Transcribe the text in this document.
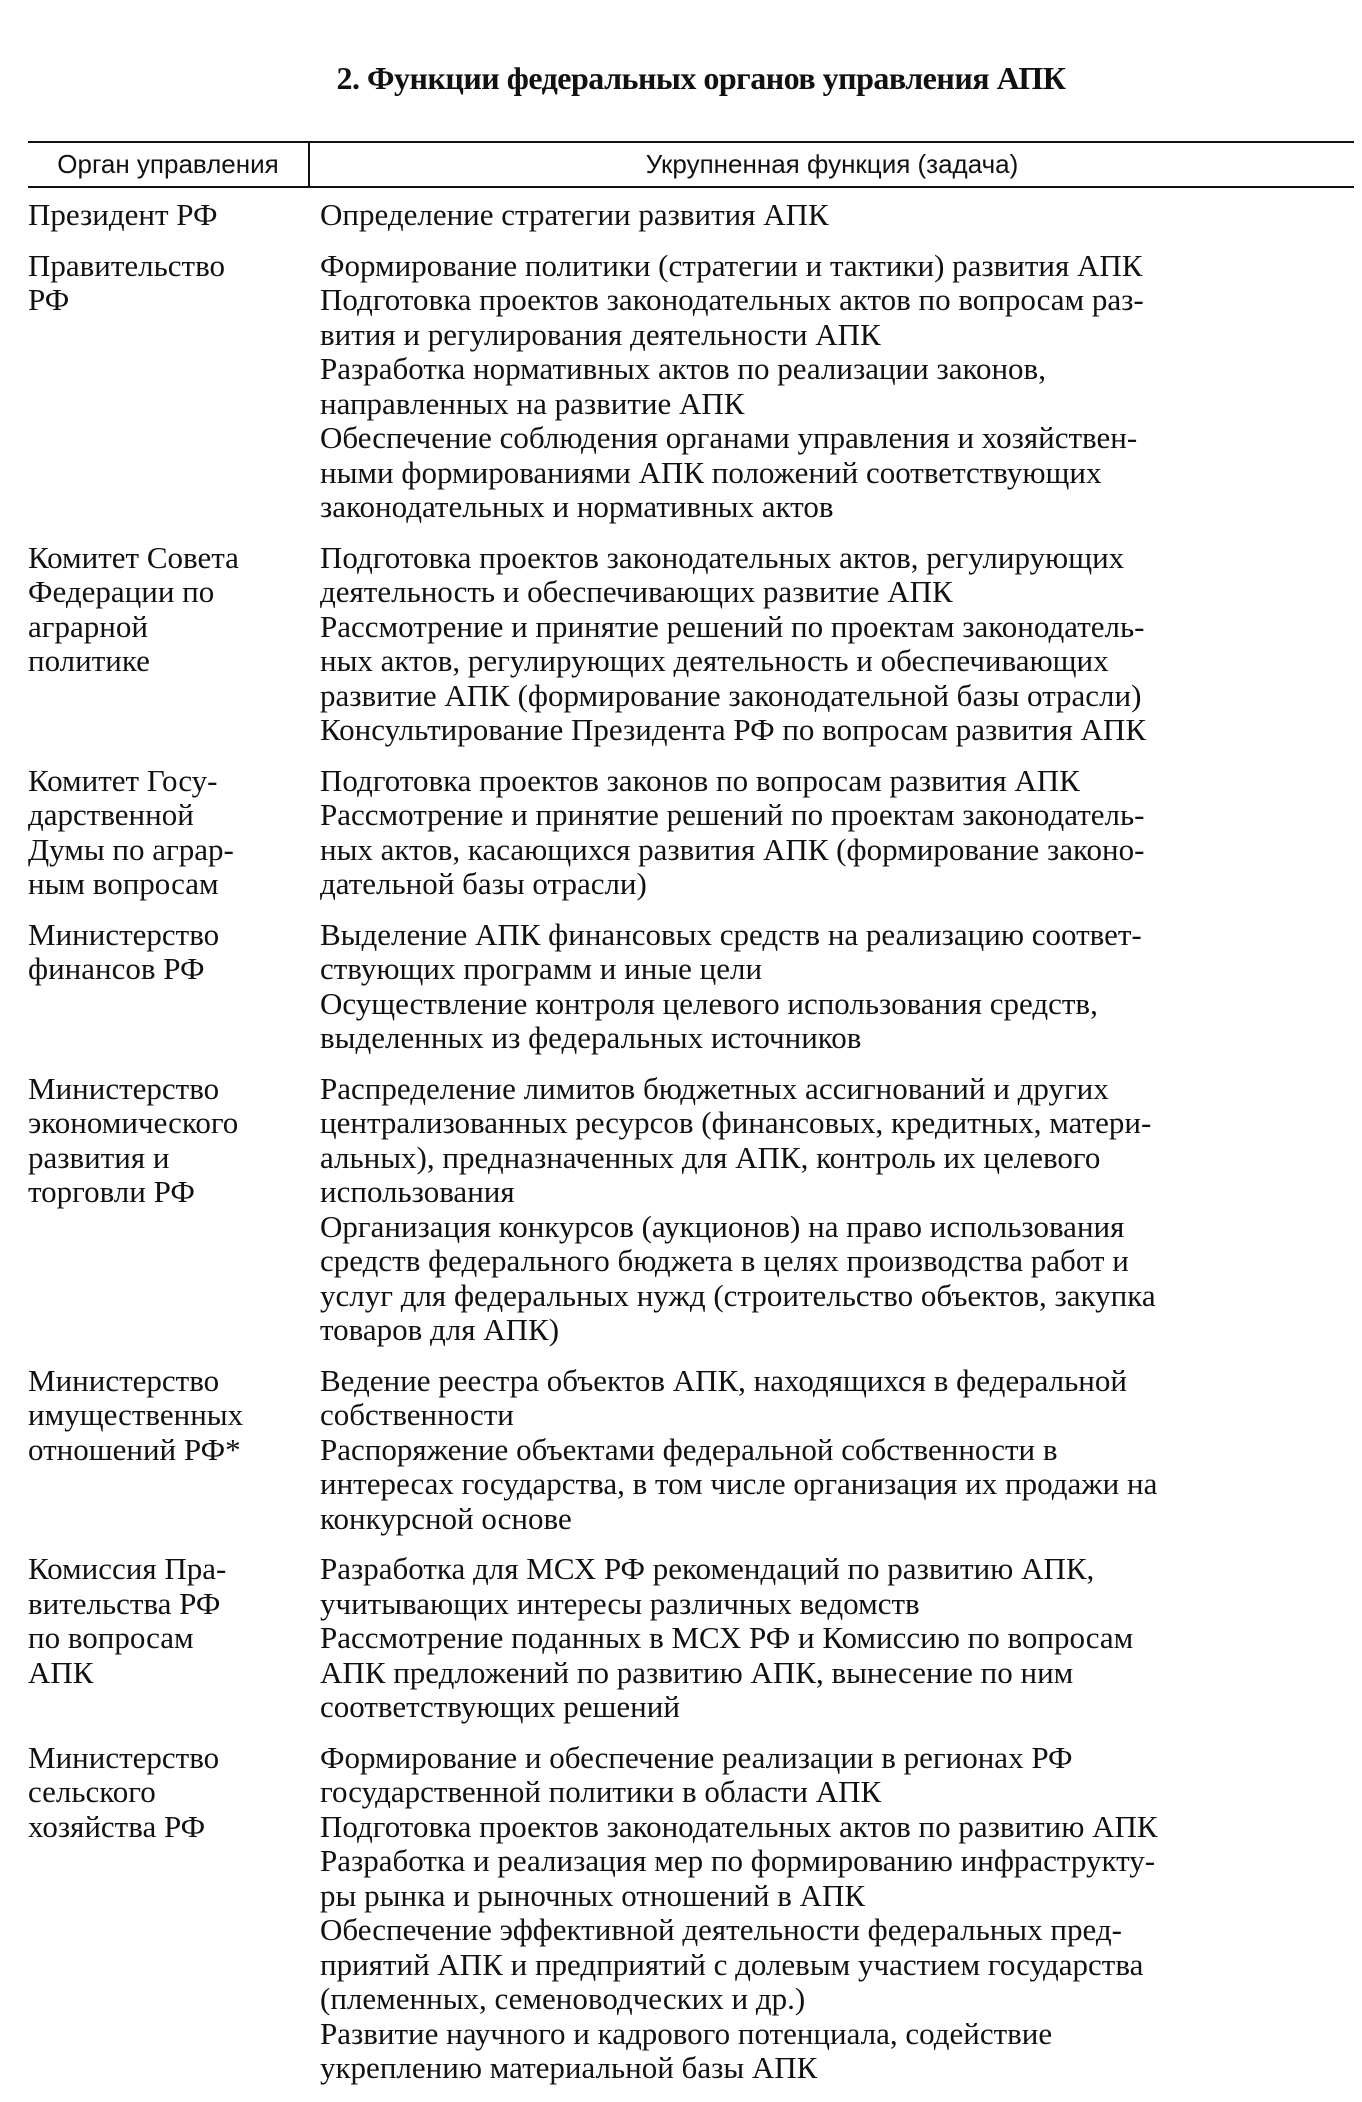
2. Функции федеральных органов управления АПК
Орган управления	Укрупненная функция (задача)
Президент РФ	Определение стратегии развития АПК
Правительство
РФ
Формирование политики (стратегии и тактики) развития АПК
Подготовка проектов законодательных актов по вопросам раз-
вития и регулирования деятельности АПК
Разработка нормативных актов по реализации законов,
направленных на развитие АПК
Обеспечение соблюдения органами управления и хозяйствен-
ными формированиями АПК положений соответствующих
законодательных и нормативных актов
Комитет Совета
Федерации по
аграрной
политике
Подготовка проектов законодательных актов, регулирующих
деятельность и обеспечивающих развитие АПК
Рассмотрение и принятие решений по проектам законодатель-
ных актов, регулирующих деятельность и обеспечивающих
развитие АПК (формирование законодательной базы отрасли)
Консультирование Президента РФ по вопросам развития АПК
Комитет Госу-
дарственной
Думы по аграр-
ным вопросам
Подготовка проектов законов по вопросам развития АПК
Рассмотрение и принятие решений по проектам законодатель-
ных актов, касающихся развития АПК (формирование законо-
дательной базы отрасли)
Министерство
финансов РФ
Выделение АПК финансовых средств на реализацию соответ-
ствующих программ и иные цели
Осуществление контроля целевого использования средств,
выделенных из федеральных источников
Министерство
экономического
развития и
торговли РФ
Распределение лимитов бюджетных ассигнований и других
централизованных ресурсов (финансовых, кредитных, матери-
альных), предназначенных для АПК, контроль их целевого
использования
Организация конкурсов (аукционов) на право использования
средств федерального бюджета в целях производства работ и
услуг для федеральных нужд (строительство объектов, закупка
товаров для АПК)
Министерство
имущественных
отношений РФ*
Ведение реестра объектов АПК, находящихся в федеральной
собственности
Распоряжение объектами федеральной собственности в
интересах государства, в том числе организация их продажи на
конкурсной основе
Комиссия Пра-
вительства РФ
по вопросам
АПК
Разработка для МСХ РФ рекомендаций по развитию АПК,
учитывающих интересы различных ведомств
Рассмотрение поданных в МСХ РФ и Комиссию по вопросам
АПК предложений по развитию АПК, вынесение по ним
соответствующих решений
Министерство
сельского
хозяйства РФ
Формирование и обеспечение реализации в регионах РФ
государственной политики в области АПК
Подготовка проектов законодательных актов по развитию АПК
Разработка и реализация мер по формированию инфраструкту-
ры рынка и рыночных отношений в АПК
Обеспечение эффективной деятельности федеральных пред-
приятий АПК и предприятий с долевым участием государства
(племенных, семеноводческих и др.)
Развитие научного и кадрового потенциала, содействие
укреплению материальной базы АПК
